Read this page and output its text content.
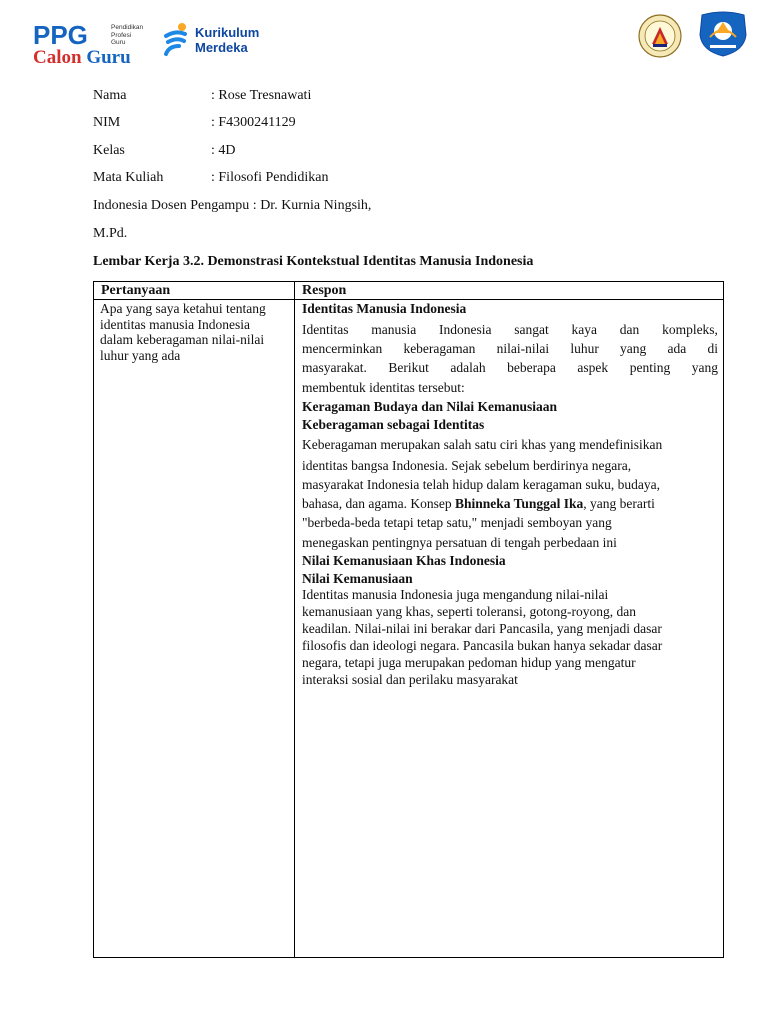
PPG	Pendidikan
Profesi
Guru
Calon Guru
Kurikulum
Merdeka
Nama	: Rose Tresnawati
NIM	: F4300241129
Kelas	: 4D
Mata Kuliah	: Filosofi Pendidikan
Indonesia Dosen Pengampu : Dr. Kurnia Ningsih,
M.Pd.
Lembar Kerja 3.2. Demonstrasi Kontekstual Identitas Manusia Indonesia
Pertanyaan	Respon
Apa yang saya ketahui tentang
identitas manusia Indonesia
dalam keberagaman nilai-nilai
luhur yang ada
Identitas Manusia Indonesia
Identitas manusia Indonesia sangat kaya dan kompleks,
mencerminkan keberagaman nilai-nilai luhur yang ada di
masyarakat. Berikut adalah beberapa aspek penting yang
membentuk identitas tersebut:
Keragaman Budaya dan Nilai Kemanusiaan
Keberagaman sebagai Identitas
Keberagaman merupakan salah satu ciri khas yang mendefinisikan
identitas bangsa Indonesia. Sejak sebelum berdirinya negara,
masyarakat Indonesia telah hidup dalam keragaman suku, budaya,
bahasa, dan agama. Konsep Bhinneka Tunggal Ika, yang berarti
"berbeda-beda tetapi tetap satu," menjadi semboyan yang
menegaskan pentingnya persatuan di tengah perbedaan ini
Nilai Kemanusiaan Khas Indonesia
Nilai Kemanusiaan
Identitas manusia Indonesia juga mengandung nilai-nilai
kemanusiaan yang khas, seperti toleransi, gotong-royong, dan
keadilan. Nilai-nilai ini berakar dari Pancasila, yang menjadi dasar
filosofis dan ideologi negara. Pancasila bukan hanya sekadar dasar
negara, tetapi juga merupakan pedoman hidup yang mengatur
interaksi sosial dan perilaku masyarakat
